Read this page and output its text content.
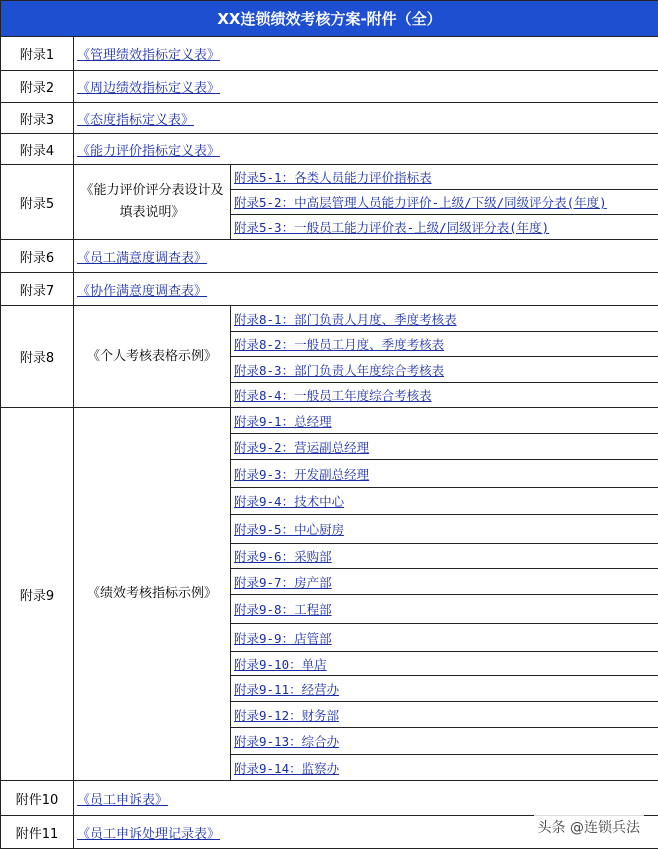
XX连锁绩效考核方案-附件（全）		
附录1	《管理绩效指标定义表》	
附录2	《周边绩效指标定义表》	
附录3	《态度指标定义表》	
附录4	《能力评价指标定义表》	
附录5	《能力评价评分表设计及填表说明》	附录5-1：各类人员能力评价指标表
		附录5-2：中高层管理人员能力评价-上级/下级/同级评分表(年度)
		附录5-3：一般员工能力评价表-上级/同级评分表(年度)
附录6	《员工满意度调查表》	
附录7	《协作满意度调查表》	
附录8	《个人考核表格示例》	附录8-1：部门负责人月度、季度考核表
		附录8-2：一般员工月度、季度考核表
		附录8-3：部门负责人年度综合考核表
		附录8-4：一般员工年度综合考核表
附录9	《绩效考核指标示例》	附录9-1：总经理
		附录9-2：营运副总经理
		附录9-3：开发副总经理
		附录9-4：技术中心
		附录9-5：中心厨房
		附录9-6：采购部
		附录9-7：房产部
		附录9-8：工程部
		附录9-9：店管部
		附录9-10：单店
		附录9-11：经营办
		附录9-12：财务部
		附录9-13：综合办
		附录9-14：监察办
附件10	《员工申诉表》	
附件11	《员工申诉处理记录表》		头条 @连锁兵法
